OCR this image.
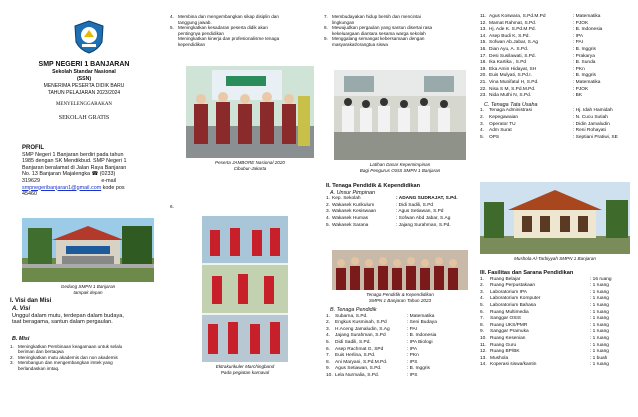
SMP NEGERI 1 BANJARAN
Sekolah Standar Nasional
(SSN)
MENERIMA PESERTA DIDIK BARU
TAHUN PELAJARAN 2023/2024
MENYELENGGARAKAN
SEKOLAH GRATIS
PROFIL
SMP Negeri 1 Banjaran berdiri pada tahun
1985 dengan SK Mendikbud. SMP Negeri 1
Banjaran beralamat di Jalan Raya Banjaran
No. 13 Banjaran Majalengka ☎ (0233)
319629                                         e-mail
smpnegeribanjaran1@gmail.com kode pos
45460
Gedung SMPN 1 Banjaran
tampak depan
I. Visi dan Misi
A. Visi
Unggul dalam mutu, terdepan dalam budaya,
taat beragama, santun dalam pergaulan.
B. Misi
1. Meningkatkan Pembinaan keagamaan untuk selalu
beriman dan bertaqwa
2. Meningkatkan mutu akademis dan non akademis
3. Membangun dan mengembangkan imtek yang
berlandaskan imtaq.
4. Membina dan mengembangkan sikap disiplin dan
tanggung jawab.
5. Meningkatkan kesadaran peserta didik akan
pentingnya pendidikan
Meningkatkan kinerja dan profesionalisme tenaga
kependidikan
Peserta JAMBORE Nasional 2020
Cibubur-Jakarta
6.
Ektrakurikuler Marchingband
Pada pegiatan karnaval
7. Membudayakan hidup bersih dan mencintai
lingkungan
8. Mewujudkan pergaulan yang santun disertai rasa
kekeluargaan diantara sesama warga sekolah
9. Menggalang semangat kebersamaan dengan
masyarakat/orangtua siswa
Latihan Dasar Kepemimpinan
Bagi Pengurus OSIS SMPN 1 Banjaran
II. Tenaga Pendidik & Kependidikan
A. Unsur Pimpinan
1. Kep. Sekolah	: ADANG SUDRAJAT, S.Pd.
2. Wakasek Kurikulum	: Didi Sadili, S.Pd
3. Wakasek Kesiswaan	: Agus Setiawan, S.Pd
4. Wakasek Humas	: Sofwan Abd Jabar, S.Ag
5. Wakasek Sarana	: Jajang Surahman, S.Pd.
Tenaga Pendidik & Kependidikan
SMPN 1 Banjaran Tahun 2023
B. Tenaga Pendidik
1.	Subarna, S.Pd.	: Matematika
2.	Engkus Kusminah, S.Pd	: Seni Budaya
3.	H.Aceng Jamaludin, S.Ag	: PAI
4.	Jajang Surahman, S.Pd	: B. Indonesia
5.	Didi Sadili, S.Pd.	: IPA Biologi
6.	Asep Rachmat G, SPd	: IPA
7.	Euis Herlina, S.Pd.	: PKn
8.	Ani Maryani, S.Pd.M.Pd.	: IPS
9.	Agus Setiawan, S.Pd.	: B. Inggris
10. Lela Nurmalia, S.Pd.	: IPS
11. Agus Koswara, S.Pd.M.Pd	: Matematika
12. Mamat Rahmat, S.Pd.	: PJOK
13. Hj. Ade K. S.Pd.M.Pd.	: B. Indonesia
14. Asep Budi K, S.Pd.	: IPA
15. Sofwan Ab.Jabar, S.Ag	: PAI
16. Dian Ayu, A. S.Pd.	: B. Inggris
17. Desi Susilawati, S.Pd.	: Prakarya
18. Ika Kartika , S.Pd	: B. Sunda
19. Eka Amin Hidayat, SH	: PKn
20. Euis Mulyati, S.Pd.I.	: B. Inggris
21. Vina Munifatul H, S.Pd.	: Matematika
22. Nisa S M, S.Pd.M.Pd.	: PJOK
23. Nida Muthi N, S.Pd.	: BK
C. Tenaga Tata Usaha
1.	Tenaga Administrasi	: Hj. Idah Hamidah
2.	Kepegawaian	: N. Cucu Sutiah
3.	Operator TU	: Didin Jamaludin
4.	Adm Surat	: Reni Rohayati
5.	OPS	: Septiani Pratiwi, SE
Mushola Al-Tarbiyyah SMPN 1 Banjaran
III. Fasilitas dan Sarana Pendidikan
1.	Ruang Belajar	: 16 ruang
2.	Ruang Perpustakaan	: 1 ruang
3.	Laboratorium IPA	: 1 ruang
4.	Laboratorium Komputer	: 1 ruang
5.	Laboratorium Bahasa	: 1 ruang
6.	Ruang Multimedia	: 1 ruang
7.	Sanggar OSIS	: 1 ruang
8.	Ruang UKS/PMR	: 1 ruang
9.	Sanggar Pramuka	: 1 ruang
10. Ruang Kesenian	: 1 ruang
11. Ruang Guru	: 1 ruang
12. Ruang BP/BK	: 1 ruang
13. Mushola	: 1 buah
14. Koperasi siswa/kantin	: 1 ruang
